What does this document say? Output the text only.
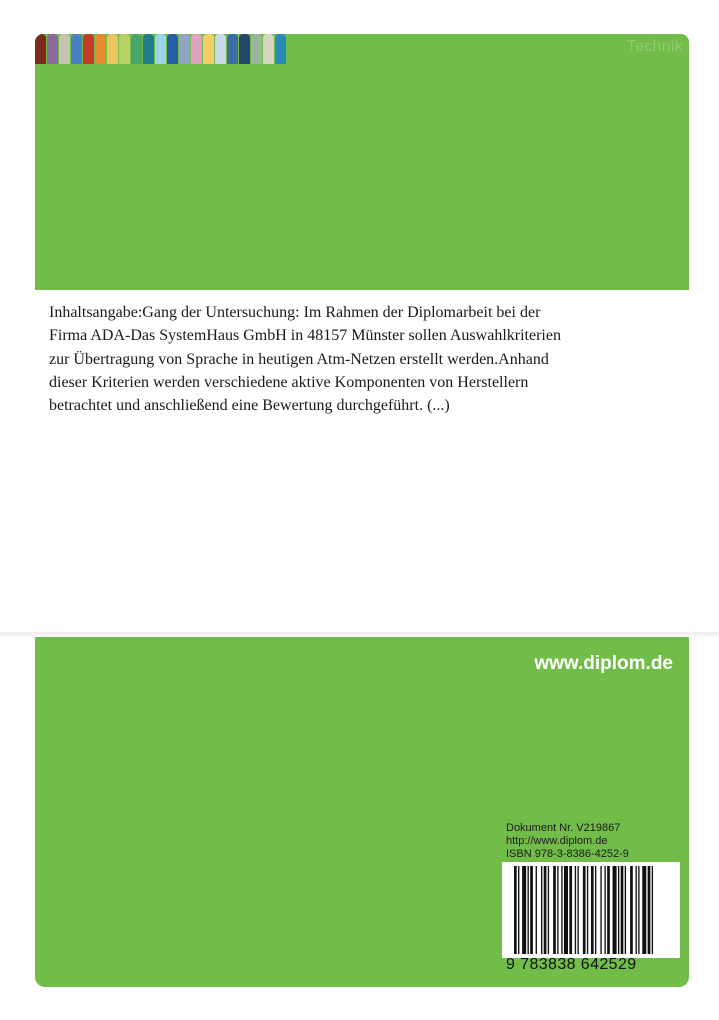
Technik
Inhaltsangabe:Gang der Untersuchung: Im Rahmen der Diplomarbeit bei der
Firma ADA-Das SystemHaus GmbH in 48157 Münster sollen Auswahlkriterien
zur Übertragung von Sprache in heutigen Atm-Netzen erstellt werden.Anhand
dieser Kriterien werden verschiedene aktive Komponenten von Herstellern
betrachtet und anschließend eine Bewertung durchgeführt. (...)
www.diplom.de
Dokument Nr. V219867
http://www.diplom.de
ISBN 978-3-8386-4252-9
9 783838 642529
